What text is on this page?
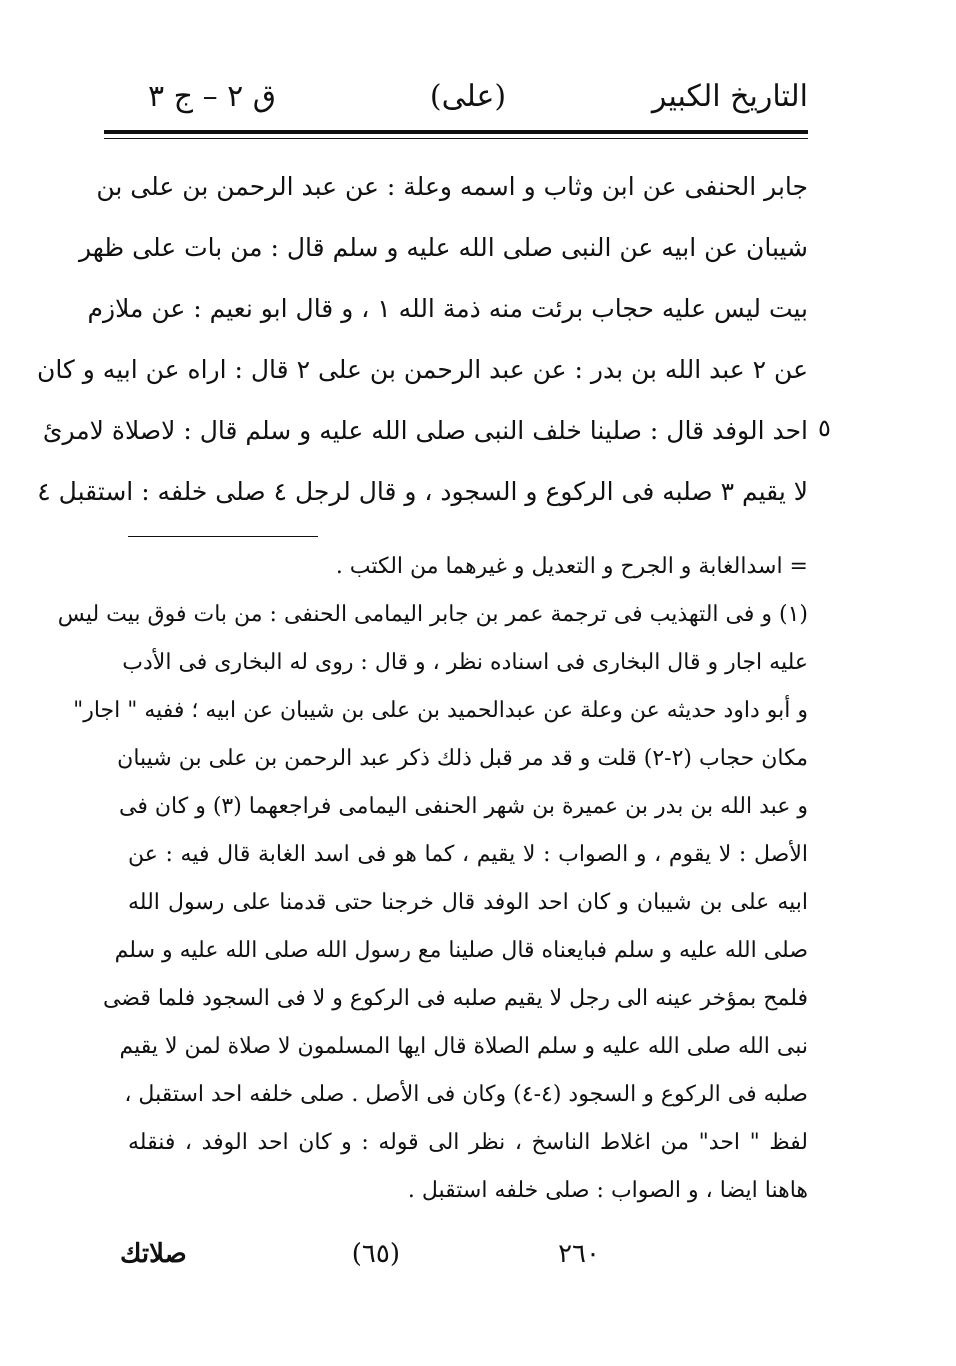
التاريخ الكبير
(على)
ق ٢ – ج ٣
جابر الحنفى عن ابن وثاب و اسمه وعلة : عن عبد الرحمن بن على بن
شيبان عن ابيه عن النبى صلى الله عليه و سلم قال : من بات على ظهر
بيت ليس عليه حجاب برئت منه ذمة الله ١ ، و قال ابو نعيم : عن ملازم
عن ٢ عبد الله بن بدر : عن عبد الرحمن بن على ٢ قال : اراه عن ابيه و كان
احد الوفد قال : صلينا خلف النبى صلى الله عليه و سلم قال : لاصلاة لامرئ
لا يقيم ٣ صلبه فى الركوع و السجود ، و قال لرجل ٤ صلى خلفه : استقبل ٤
٥
= اسدالغابة و الجرح و التعديل و غيرهما من الكتب .
(١) و فى التهذيب فى ترجمة عمر بن جابر اليمامى الحنفى : من بات فوق بيت ليس
عليه اجار و قال البخارى فى اسناده نظر ، و قال : روى له البخارى فى الأدب
و أبو داود حديثه عن وعلة عن عبدالحميد بن على بن شيبان عن ابيه ؛ ففيه " اجار"
مكان حجاب (٢-٢) قلت و قد مر قبل ذلك ذكر عبد الرحمن بن على بن شيبان
و عبد الله بن بدر بن عميرة بن شهر الحنفى اليمامى فراجعهما (٣) و كان فى
الأصل : لا يقوم ، و الصواب : لا يقيم ، كما هو فى اسد الغابة قال فيه : عن
ابيه على بن شيبان و كان احد الوفد قال خرجنا حتى قدمنا على رسول الله
صلى الله عليه و سلم فبايعناه قال صلينا مع رسول الله صلى الله عليه و سلم
فلمح بمؤخر عينه الى رجل لا يقيم صلبه فى الركوع و لا فى السجود فلما قضى
نبى الله صلى الله عليه و سلم الصلاة قال ايها المسلمون لا صلاة لمن لا يقيم
صلبه فى الركوع و السجود (٤-٤) وكان فى الأصل . صلى خلفه احد استقبل ،
لفظ " احد" من اغلاط الناسخ ، نظر الى قوله : و كان احد الوفد ، فنقله
هاهنا ايضا ، و الصواب : صلى خلفه استقبل .
٢٦٠
(٦٥)
صلاتك
